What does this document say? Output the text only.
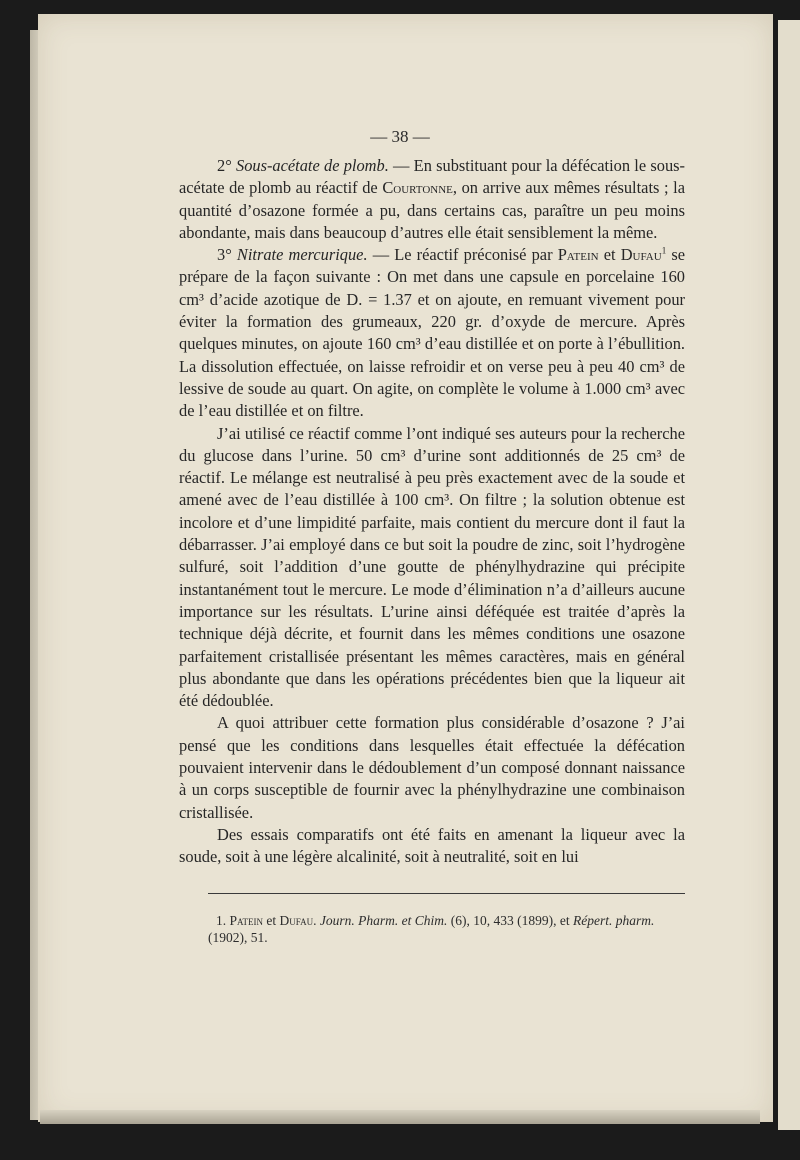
— 38 —

2° Sous-acétate de plomb. — En substituant pour la défécation le sous-acétate de plomb au réactif de Courtonne, on arrive aux mêmes résultats ; la quantité d’osazone formée a pu, dans certains cas, paraître un peu moins abondante, mais dans beaucoup d’autres elle était sensiblement la même.

3° Nitrate mercurique. — Le réactif préconisé par Patein et Dufau$^1$ se prépare de la façon suivante : On met dans une capsule en porcelaine 160 cm³ d’acide azotique de D. = 1.37 et on ajoute, en remuant vivement pour éviter la formation des grumeaux, 220 gr. d’oxyde de mercure. Après quelques minutes, on ajoute 160 cm³ d’eau distillée et on porte à l’ébullition. La dissolution effectuée, on laisse refroidir et on verse peu à peu 40 cm³ de lessive de soude au quart. On agite, on complète le volume à 1.000 cm³ avec de l’eau distillée et on filtre.

J’ai utilisé ce réactif comme l’ont indiqué ses auteurs pour la recherche du glucose dans l’urine. 50 cm³ d’urine sont additionnés de 25 cm³ de réactif. Le mélange est neutralisé à peu près exactement avec de la soude et amené avec de l’eau distillée à 100 cm³. On filtre ; la solution obtenue est incolore et d’une limpidité parfaite, mais contient du mercure dont il faut la débarrasser. J’ai employé dans ce but soit la poudre de zinc, soit l’hydrogène sulfuré, soit l’addition d’une goutte de phénylhydrazine qui précipite instantanément tout le mercure. Le mode d’élimination n’a d’ailleurs aucune importance sur les résultats. L’urine ainsi déféquée est traitée d’après la technique déjà décrite, et fournit dans les mêmes conditions une osazone parfaitement cristallisée présentant les mêmes caractères, mais en général plus abondante que dans les opérations précédentes bien que la liqueur ait été dédoublée.

A quoi attribuer cette formation plus considérable d’osazone ? J’ai pensé que les conditions dans lesquelles était effectuée la défécation pouvaient intervenir dans le dédoublement d’un composé donnant naissance à un corps susceptible de fournir avec la phénylhydrazine une combinaison cristallisée.

Des essais comparatifs ont été faits en amenant la liqueur avec la soude, soit à une légère alcalinité, soit à neutralité, soit en lui

1. Patein et Dufau. Journ. Pharm. et Chim. (6), 10, 433 (1899), et Répert. pharm. (1902), 51.
